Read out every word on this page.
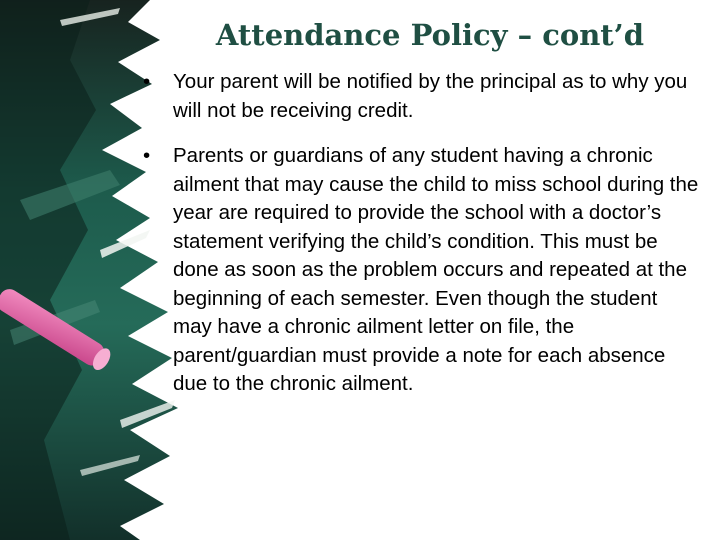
Attendance Policy – cont’d
• Your parent will be notified by the principal as to why you will not be receiving credit.
• Parents or guardians of any student having a chronic ailment that may cause the child to miss school during the year are required to provide the school with a doctor’s statement verifying the child’s condition. This must be done as soon as the problem occurs and repeated at the beginning of each semester. Even though the student may have a chronic ailment letter on file, the parent/guardian must provide a note for each absence due to the chronic ailment.
